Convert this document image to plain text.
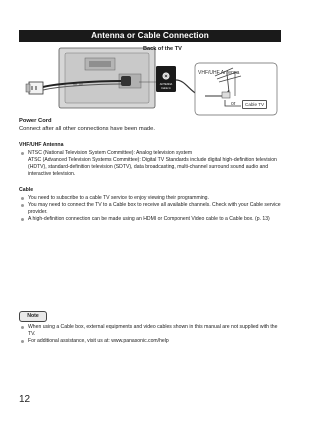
Antenna or Cable Connection
ANTENNA
Cable In
Back of the TV
VHF/UHF Antenna
or	Cable TV
Power Cord
Connect after all other connections have been made.
VHF/UHF Antenna
NTSC (National Television System Committee): Analog television system
ATSC (Advanced Television Systems Committee): Digital TV Standards include digital high-definition television (HDTV), standard-definition television (SDTV), data broadcasting, multi-channel surround sound audio and interactive television.
Cable
You need to subscribe to a cable TV service to enjoy viewing their programming.
You may need to connect the TV to a Cable box to receive all available channels. Check with your Cable service provider.
A high-definition connection can be made using an HDMI or Component Video cable to a Cable box. (p. 13)
Note
When using a Cable box, external equipments and video cables shown in this manual are not supplied with the TV.
For additional assistance, visit us at: www.panasonic.com/help
12
